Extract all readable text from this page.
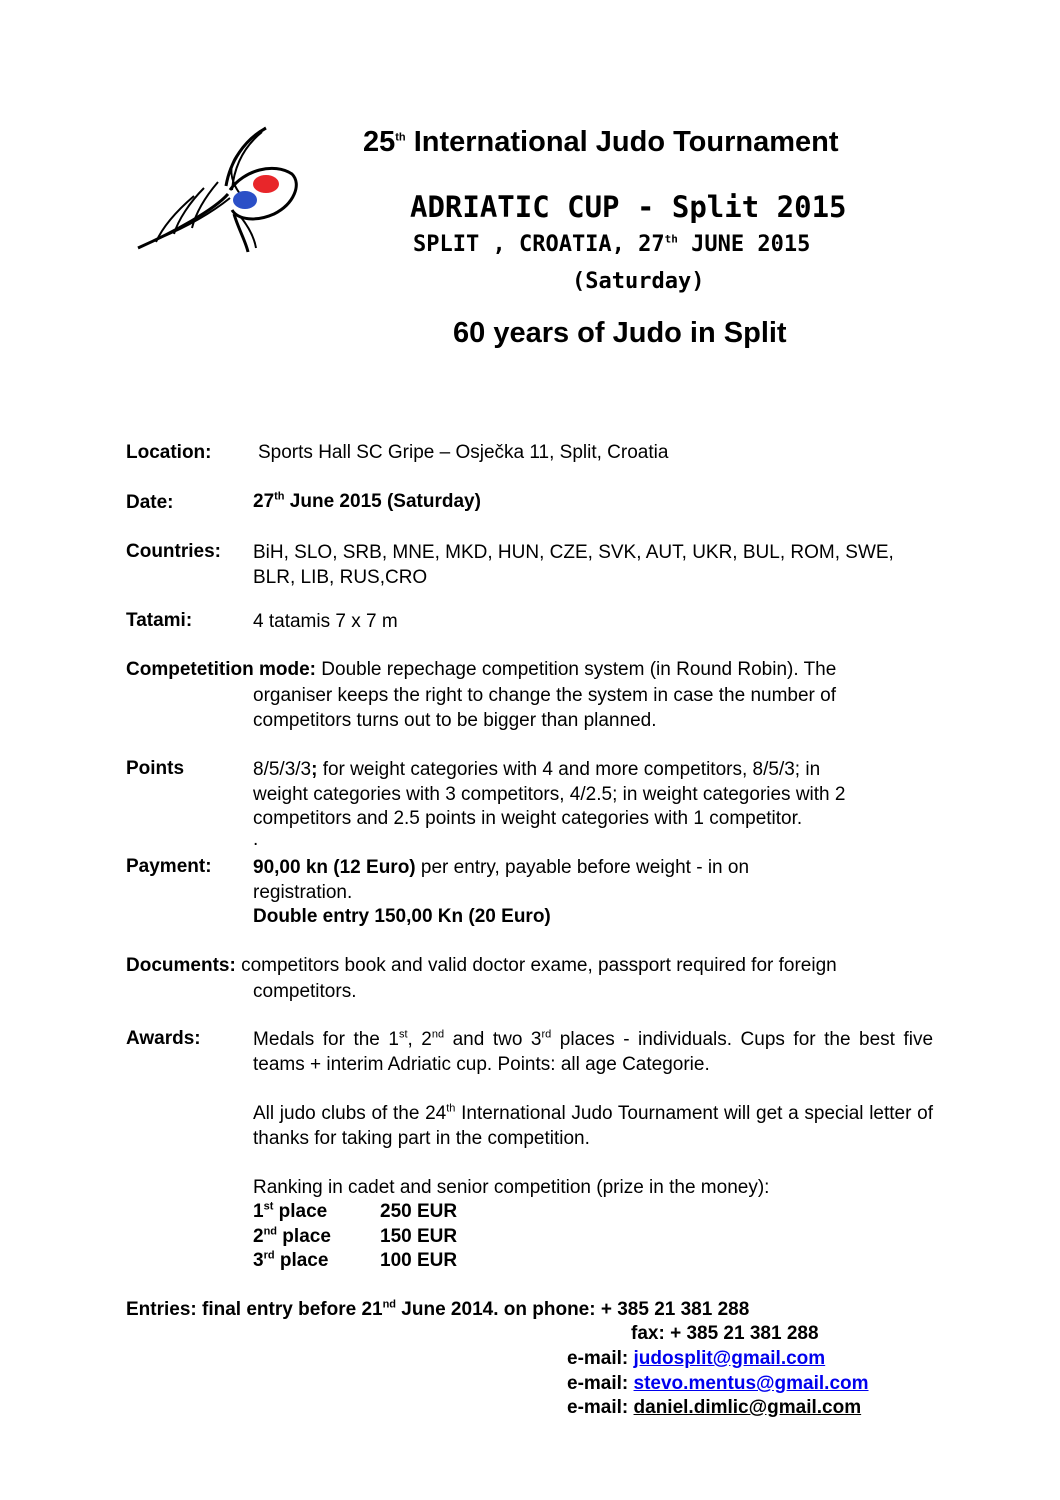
25th International Judo Tournament
ADRIATIC CUP - Split 2015
SPLIT , CROATIA, 27th JUNE 2015
(Saturday)
60 years of Judo in Split
Location: Sports Hall SC Gripe – Osječka 11, Split, Croatia
Date:	27th June 2015 (Saturday)
Countries: BiH, SLO, SRB, MNE, MKD, HUN, CZE, SVK, AUT, UKR, BUL, ROM, SWE,
BLR, LIB, RUS,CRO
Tatami:	4 tatamis 7 x 7 m
Competetition mode: Double repechage competition system (in Round Robin). The
organiser keeps the right to change the system in case the number of
competitors turns out to be bigger than planned.
Points	8/5/3/3; for weight categories with 4 and more competitors, 8/5/3; in
weight categories with 3 competitors, 4/2.5; in weight categories with 2
competitors and 2.5 points in weight categories with 1 competitor.
.
Payment: 90,00 kn (12 Euro) per entry, payable before weight - in on
registration.
Double entry 150,00 Kn (20 Euro)
Documents: competitors book and valid doctor exame, passport required for foreign
competitors.
Awards:	Medals for the 1st, 2nd and two 3rd places - individuals. Cups for the best five teams + interim Adriatic cup. Points: all age Categorie.
All judo clubs of the 24th International Judo Tournament will get a special letter of thanks for taking part in the competition.
Ranking in cadet and senior competition (prize in the money):
1st place	250 EUR
2nd place	150 EUR
3rd place	100 EUR
Entries: final entry before 21nd June 2014. on phone: + 385 21 381 288
fax: + 385 21 381 288
e-mail: judosplit@gmail.com
e-mail: stevo.mentus@gmail.com
e-mail: daniel.dimlic@gmail.com
